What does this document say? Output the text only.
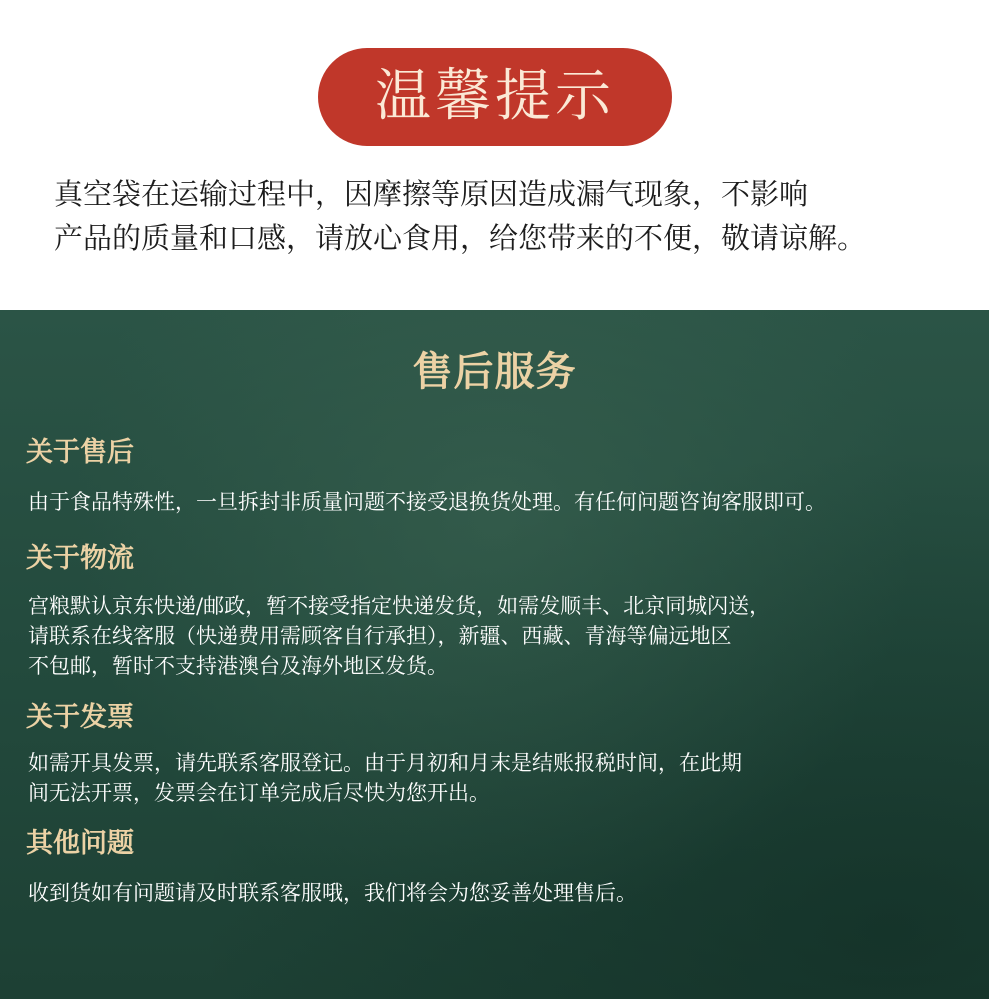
温馨提示

真空袋在运输过程中，因摩擦等原因造成漏气现象，不影响
产品的质量和口感，请放心食用，给您带来的不便，敬请谅解。

售后服务
关于售后

由于食品特殊性，一旦拆封非质量问题不接受退换货处理。有任何问题咨询客服即可。

关于物流

宫粮默认京东快递/邮政，暂不接受指定快递发货，如需发顺丰、北京同城闪送，
请联系在线客服（快递费用需顾客自行承担），新疆、西藏、青海等偏远地区
不包邮，暂时不支持港澳台及海外地区发货。

关于发票

如需开具发票，请先联系客服登记。由于月初和月末是结账报税时间，在此期
间无法开票，发票会在订单完成后尽快为您开出。

其他问题

收到货如有问题请及时联系客服哦，我们将会为您妥善处理售后。
